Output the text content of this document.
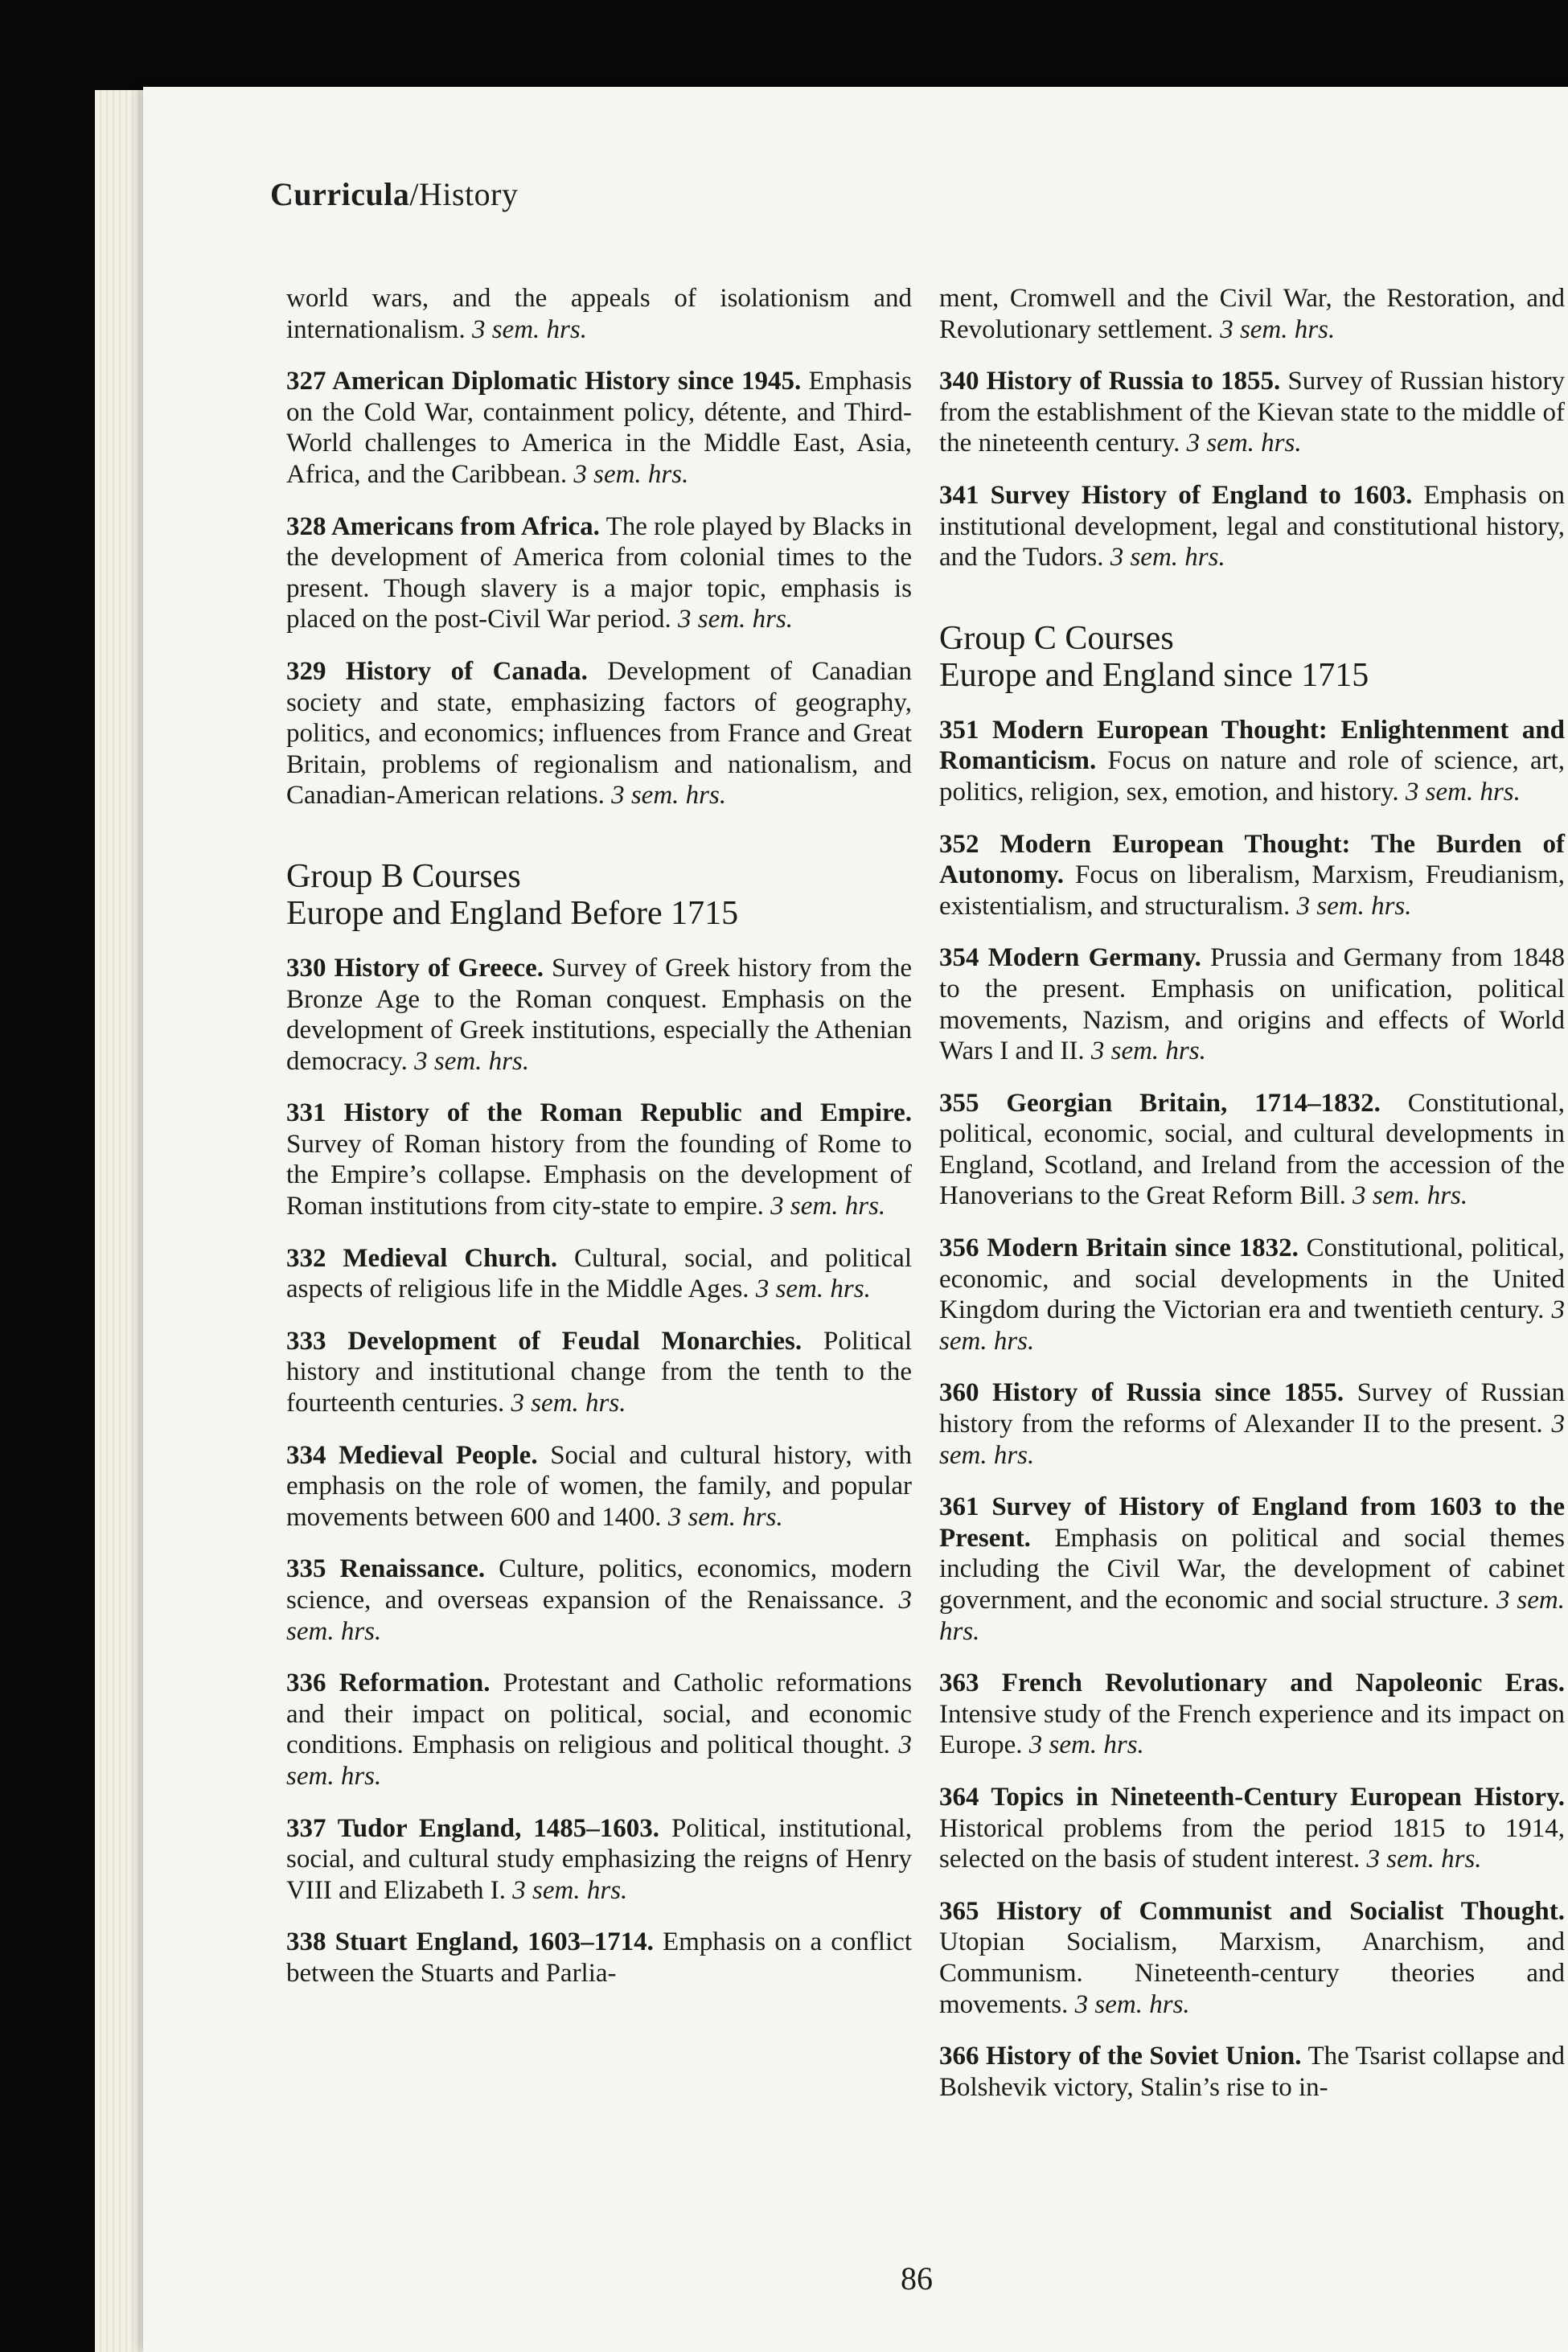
Curricula/History

world wars, and the appeals of isolationism and internationalism. 3 sem. hrs.

327 American Diplomatic History since 1945. Emphasis on the Cold War, containment policy, détente, and Third-World challenges to America in the Middle East, Asia, Africa, and the Caribbean. 3 sem. hrs.

328 Americans from Africa. The role played by Blacks in the development of America from colonial times to the present. Though slavery is a major topic, emphasis is placed on the post-Civil War period. 3 sem. hrs.

329 History of Canada. Development of Canadian society and state, emphasizing factors of geography, politics, and economics; influences from France and Great Britain, problems of regionalism and nationalism, and Canadian-American relations. 3 sem. hrs.

Group B Courses
Europe and England Before 1715

330 History of Greece. Survey of Greek history from the Bronze Age to the Roman conquest. Emphasis on the development of Greek institutions, especially the Athenian democracy. 3 sem. hrs.

331 History of the Roman Republic and Empire. Survey of Roman history from the founding of Rome to the Empire’s collapse. Emphasis on the development of Roman institutions from city-state to empire. 3 sem. hrs.

332 Medieval Church. Cultural, social, and political aspects of religious life in the Middle Ages. 3 sem. hrs.

333 Development of Feudal Monarchies. Political history and institutional change from the tenth to the fourteenth centuries. 3 sem. hrs.

334 Medieval People. Social and cultural history, with emphasis on the role of women, the family, and popular movements between 600 and 1400. 3 sem. hrs.

335 Renaissance. Culture, politics, economics, modern science, and overseas expansion of the Renaissance. 3 sem. hrs.

336 Reformation. Protestant and Catholic reformations and their impact on political, social, and economic conditions. Emphasis on religious and political thought. 3 sem. hrs.

337 Tudor England, 1485–1603. Political, institutional, social, and cultural study emphasizing the reigns of Henry VIII and Elizabeth I. 3 sem. hrs.

338 Stuart England, 1603–1714. Emphasis on a conflict between the Stuarts and Parlia-

ment, Cromwell and the Civil War, the Restoration, and Revolutionary settlement. 3 sem. hrs.

340 History of Russia to 1855. Survey of Russian history from the establishment of the Kievan state to the middle of the nineteenth century. 3 sem. hrs.

341 Survey History of England to 1603. Emphasis on institutional development, legal and constitutional history, and the Tudors. 3 sem. hrs.

Group C Courses
Europe and England since 1715

351 Modern European Thought: Enlightenment and Romanticism. Focus on nature and role of science, art, politics, religion, sex, emotion, and history. 3 sem. hrs.

352 Modern European Thought: The Burden of Autonomy. Focus on liberalism, Marxism, Freudianism, existentialism, and structuralism. 3 sem. hrs.

354 Modern Germany. Prussia and Germany from 1848 to the present. Emphasis on unification, political movements, Nazism, and origins and effects of World Wars I and II. 3 sem. hrs.

355 Georgian Britain, 1714–1832. Constitutional, political, economic, social, and cultural developments in England, Scotland, and Ireland from the accession of the Hanoverians to the Great Reform Bill. 3 sem. hrs.

356 Modern Britain since 1832. Constitutional, political, economic, and social developments in the United Kingdom during the Victorian era and twentieth century. 3 sem. hrs.

360 History of Russia since 1855. Survey of Russian history from the reforms of Alexander II to the present. 3 sem. hrs.

361 Survey of History of England from 1603 to the Present. Emphasis on political and social themes including the Civil War, the development of cabinet government, and the economic and social structure. 3 sem. hrs.

363 French Revolutionary and Napoleonic Eras. Intensive study of the French experience and its impact on Europe. 3 sem. hrs.

364 Topics in Nineteenth-Century European History. Historical problems from the period 1815 to 1914, selected on the basis of student interest. 3 sem. hrs.

365 History of Communist and Socialist Thought. Utopian Socialism, Marxism, Anarchism, and Communism. Nineteenth-century theories and movements. 3 sem. hrs.

366 History of the Soviet Union. The Tsarist collapse and Bolshevik victory, Stalin’s rise to in-

86
